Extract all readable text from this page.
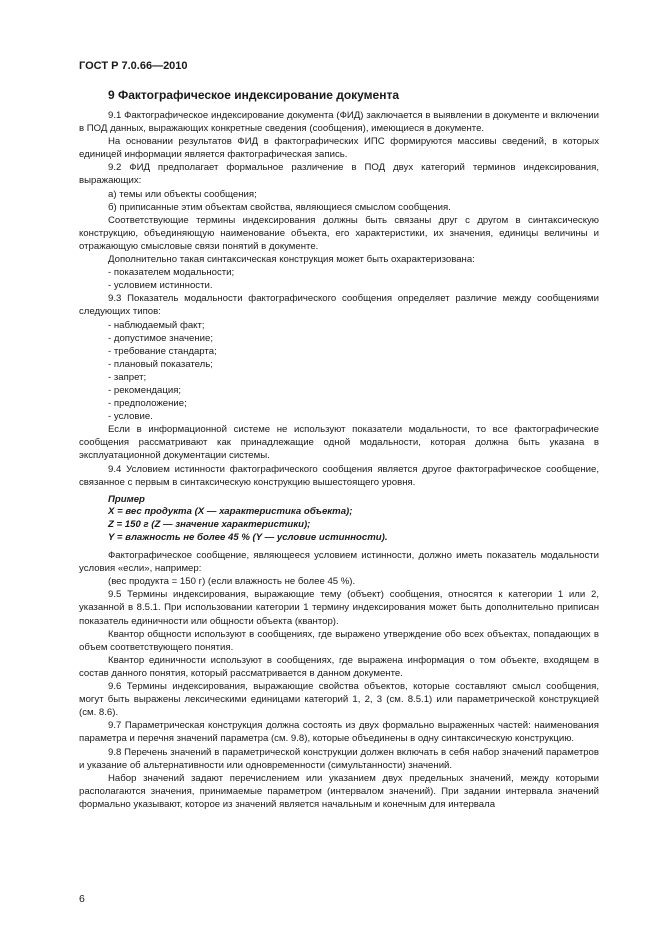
ГОСТ Р 7.0.66—2010
9 Фактографическое индексирование документа

9.1 Фактографическое индексирование документа (ФИД) заключается в выявлении в документе и включении в ПОД данных, выражающих конкретные сведения (сообщения), имеющиеся в документе.

На основании результатов ФИД в фактографических ИПС формируются массивы сведений, в которых единицей информации является фактографическая запись.

9.2 ФИД предполагает формальное различение в ПОД двух категорий терминов индексирования, выражающих:

а) темы или объекты сообщения;

б) приписанные этим объектам свойства, являющиеся смыслом сообщения.

Соответствующие термины индексирования должны быть связаны друг с другом в синтаксическую конструкцию, объединяющую наименование объекта, его характеристики, их значения, единицы величины и отражающую смысловые связи понятий в документе.

Дополнительно такая синтаксическая конструкция может быть охарактеризована:

- показателем модальности;
- условием истинности.

9.3 Показатель модальности фактографического сообщения определяет различие между сообщениями следующих типов:

- наблюдаемый факт;
- допустимое значение;
- требование стандарта;
- плановый показатель;
- запрет;
- рекомендация;
- предположение;
- условие.

Если в информационной системе не используют показатели модальности, то все фактографические сообщения рассматривают как принадлежащие одной модальности, которая должна быть указана в эксплуатационной документации системы.

9.4 Условием истинности фактографического сообщения является другое фактографическое сообщение, связанное с первым в синтаксическую конструкцию вышестоящего уровня.

Пример
X = вес продукта (X — характеристика объекта);
Z = 150 г (Z — значение характеристики);
Y = влажность не более 45 % (Y — условие истинности).

Фактографическое сообщение, являющееся условием истинности, должно иметь показатель модальности условия «если», например:

(вес продукта = 150 г) (если влажность не более 45 %).

9.5 Термины индексирования, выражающие тему (объект) сообщения, относятся к категории 1 или 2, указанной в 8.5.1. При использовании категории 1 термину индексирования может быть дополнительно приписан показатель единичности или общности объекта (квантор).

Квантор общности используют в сообщениях, где выражено утверждение обо всех объектах, попадающих в объем соответствующего понятия.

Квантор единичности используют в сообщениях, где выражена информация о том объекте, входящем в состав данного понятия, который рассматривается в данном документе.

9.6 Термины индексирования, выражающие свойства объектов, которые составляют смысл сообщения, могут быть выражены лексическими единицами категорий 1, 2, 3 (см. 8.5.1) или параметрической конструкцией (см. 8.6).

9.7 Параметрическая конструкция должна состоять из двух формально выраженных частей: наименования параметра и перечня значений параметра (см. 9.8), которые объединены в одну синтаксическую конструкцию.

9.8 Перечень значений в параметрической конструкции должен включать в себя набор значений параметров и указание об альтернативности или одновременности (симультанности) значений.

Набор значений задают перечислением или указанием двух предельных значений, между которыми располагаются значения, принимаемые параметром (интервалом значений). При задании интервала значений формально указывают, которое из значений является начальным и конечным для интервала

6
